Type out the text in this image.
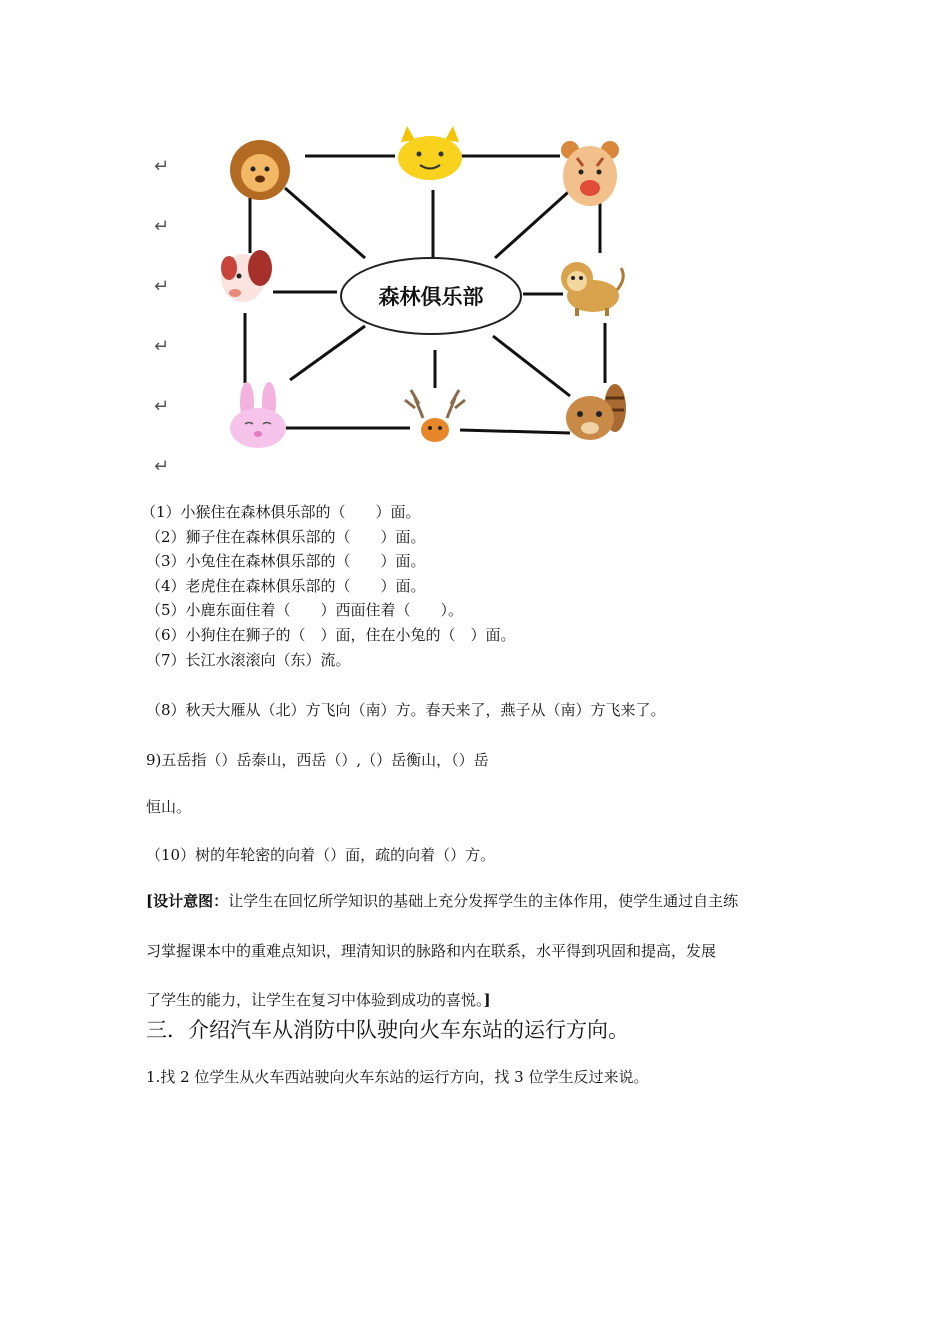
↵
↵
↵
↵
↵
↵
森林俱乐部
（1）小猴住在森林俱乐部的（　　）面。
（2）狮子住在森林俱乐部的（　　）面。
（3）小兔住在森林俱乐部的（　　）面。
（4）老虎住在森林俱乐部的（　　）面。
（5）小鹿东面住着（　　）西面住着（　　）。
（6）小狗住在狮子的（　）面，住在小兔的（　）面。
（7）长江水滚滚向（东）流。
（8）秋天大雁从（北）方飞向（南）方。春天来了，燕子从（南）方飞来了。
9)五岳指（）岳泰山，西岳（）,（）岳衡山，（）岳
恒山。
（10）树的年轮密的向着（）面，疏的向着（）方。
[设计意图：让学生在回忆所学知识的基础上充分发挥学生的主体作用，使学生通过自主练
习掌握课本中的重难点知识，理清知识的脉路和内在联系，水平得到巩固和提高，发展
了学生的能力，让学生在复习中体验到成功的喜悦。]
三．介绍汽车从消防中队驶向火车东站的运行方向。
1.找 2 位学生从火车西站驶向火车东站的运行方向，找 3 位学生反过来说。
